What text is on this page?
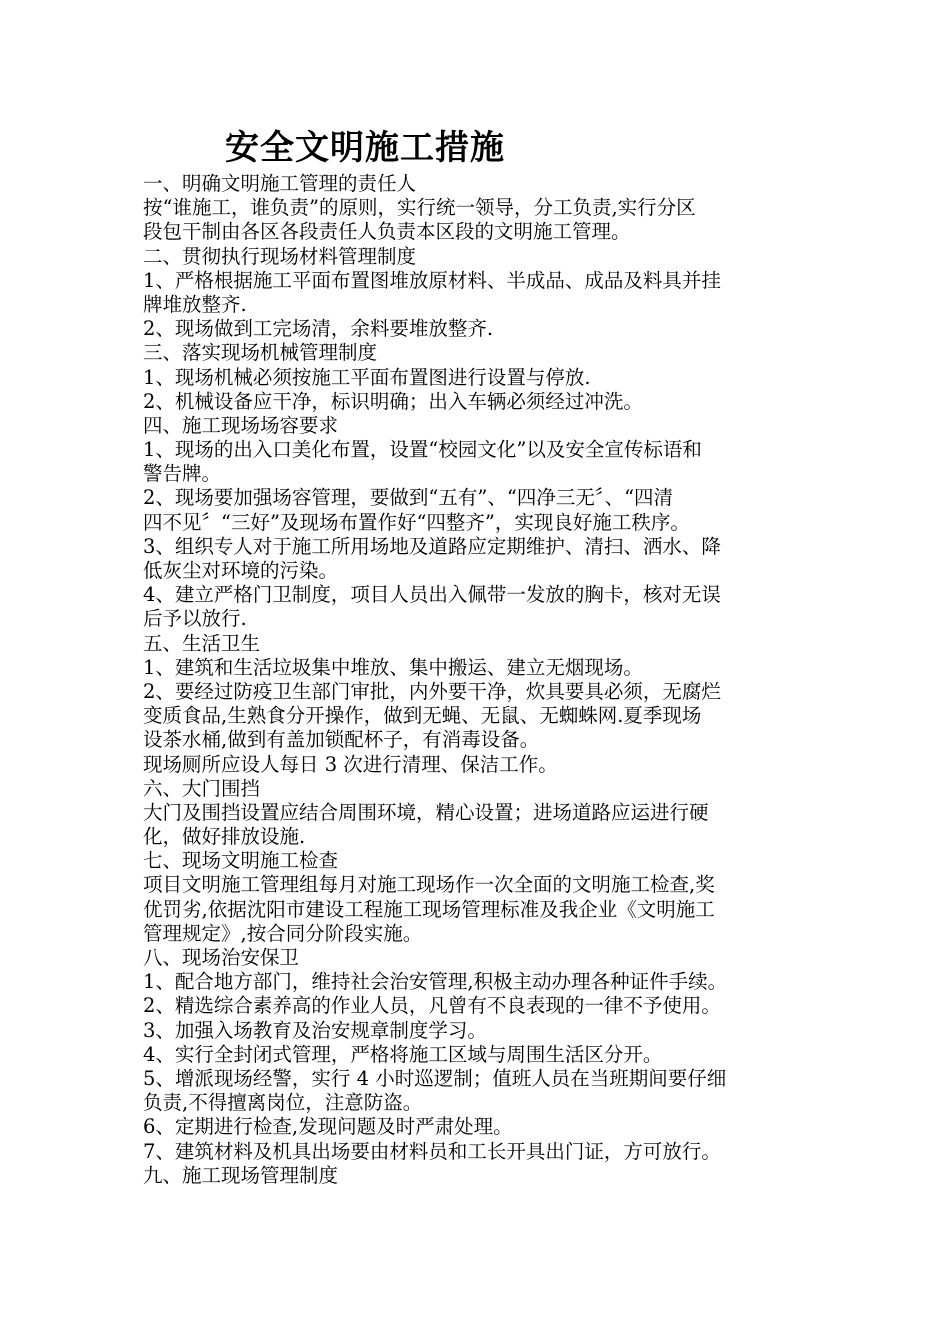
安全文明施工措施
一、明确文明施工管理的责任人
按“谁施工，谁负责”的原则，实行统一领导，分工负责,实行分区
段包干制由各区各段责任人负责本区段的文明施工管理。
二、贯彻执行现场材料管理制度
1、严格根据施工平面布置图堆放原材料、半成品、成品及料具并挂
牌堆放整齐.
2、现场做到工完场清，余料要堆放整齐.
三、落实现场机械管理制度
1、现场机械必须按施工平面布置图进行设置与停放.
2、机械设备应干净，标识明确；出入车辆必须经过冲洗。
四、施工现场场容要求
1、现场的出入口美化布置，设置“校园文化”以及安全宣传标语和
警告牌。
2、现场要加强场容管理，要做到“五有”、“四净三无〞、“四清
四不见〞“三好”及现场布置作好“四整齐”，实现良好施工秩序。
3、组织专人对于施工所用场地及道路应定期维护、清扫、洒水、降
低灰尘对环境的污染。
4、建立严格门卫制度，项目人员出入佩带一发放的胸卡，核对无误
后予以放行.
五、生活卫生
1、建筑和生活垃圾集中堆放、集中搬运、建立无烟现场。
2、要经过防疫卫生部门审批，内外要干净，炊具要具必须，无腐烂
变质食品,生熟食分开操作，做到无蝇、无鼠、无蜘蛛网.夏季现场
设茶水桶,做到有盖加锁配杯子，有消毒设备。
现场厕所应设人每日 3 次进行清理、保洁工作。
六、大门围挡
大门及围挡设置应结合周围环境，精心设置；进场道路应运进行硬
化，做好排放设施.
七、现场文明施工检查
项目文明施工管理组每月对施工现场作一次全面的文明施工检查,奖
优罚劣,依据沈阳市建设工程施工现场管理标准及我企业《文明施工
管理规定》,按合同分阶段实施。
八、现场治安保卫
1、配合地方部门，维持社会治安管理,积极主动办理各种证件手续。
2、精选综合素养高的作业人员，凡曾有不良表现的一律不予使用。
3、加强入场教育及治安规章制度学习。
4、实行全封闭式管理，严格将施工区域与周围生活区分开。
5、增派现场经警，实行 4 小时巡逻制；值班人员在当班期间要仔细
负责,不得擅离岗位，注意防盗。
6、定期进行检查,发现问题及时严肃处理。
7、建筑材料及机具出场要由材料员和工长开具出门证，方可放行。
九、施工现场管理制度
